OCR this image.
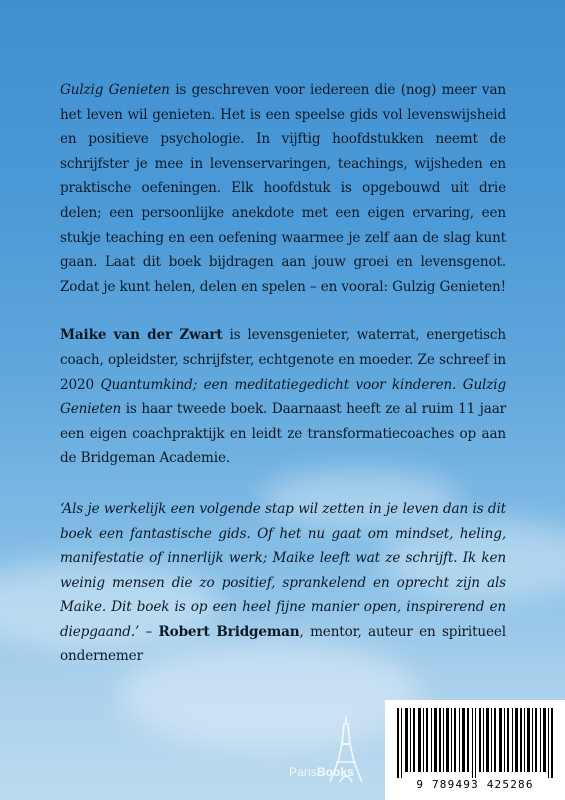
Gulzig Genieten is geschreven voor iedereen die (nog) meer van het leven wil genieten. Het is een speelse gids vol levenswijsheid en positieve psychologie. In vijftig hoofdstukken neemt de schrijfster je mee in levenservaringen, teachings, wijsheden en praktische oefeningen. Elk hoofdstuk is opgebouwd uit drie delen; een persoonlijke anekdote met een eigen ervaring, een stukje teaching en een oefening waarmee je zelf aan de slag kunt gaan. Laat dit boek bijdragen aan jouw groei en levensgenot. Zodat je kunt helen, delen en spelen – en vooral: Gulzig Genieten!

Maike van der Zwart is levensgenieter, waterrat, energetisch coach, opleidster, schrijfster, echtgenote en moeder. Ze schreef in 2020 Quantumkind; een meditatiegedicht voor kinderen. Gulzig Genieten is haar tweede boek. Daarnaast heeft ze al ruim 11 jaar een eigen coachpraktijk en leidt ze transformatiecoaches op aan de Bridgeman Academie.

‘Als je werkelijk een volgende stap wil zetten in je leven dan is dit boek een fantastische gids. Of het nu gaat om mindset, heling, manifestatie of innerlijk werk; Maike leeft wat ze schrijft. Ik ken weinig mensen die zo positief, sprankelend en oprecht zijn als Maike. Dit boek is op een heel fijne manier open, inspirerend en diepgaand.’ – Robert Bridgeman, mentor, auteur en spiritueel ondernemer

ParisBooks
9 789493 425286
